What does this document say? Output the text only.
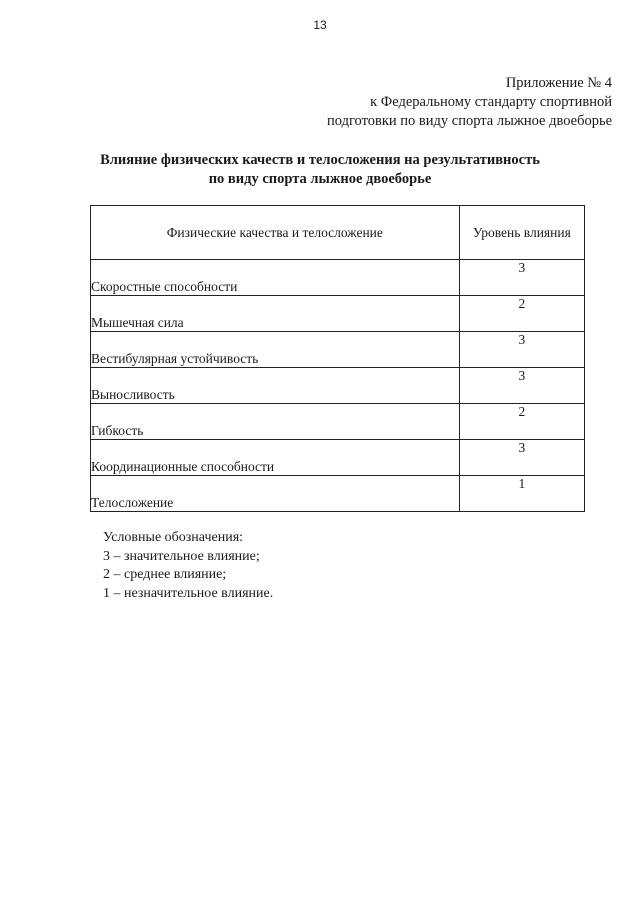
13
Приложение № 4
к Федеральному стандарту спортивной
подготовки по виду спорта лыжное двоеборье
Влияние физических качеств и телосложения на результативность
по виду спорта лыжное двоеборье
Физические качества и телосложение	Уровень влияния
Скоростные способности	3
Мышечная сила	2
Вестибулярная устойчивость	3
Выносливость	3
Гибкость	2
Координационные способности	3
Телосложение	1
Условные обозначения:
3 – значительное влияние;
2 – среднее влияние;
1 – незначительное влияние.
